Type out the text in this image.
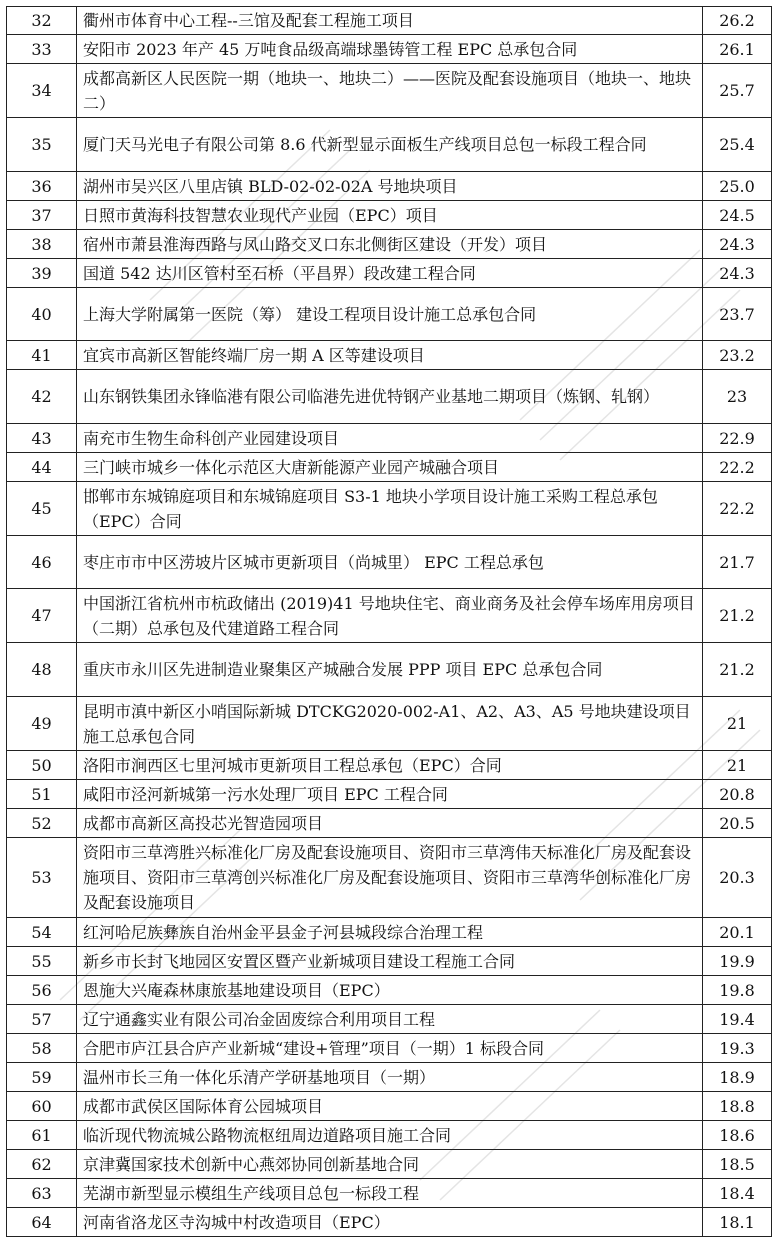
32	衢州市体育中心工程--三馆及配套工程施工项目	26.2
33	安阳市 2023 年产 45 万吨食品级高端球墨铸管工程 EPC 总承包合同	26.1
34	成都高新区人民医院一期（地块一、地块二）——医院及配套设施项目（地块一、地块二）	25.7
35	厦门天马光电子有限公司第 8.6 代新型显示面板生产线项目总包一标段工程合同	25.4
36	湖州市吴兴区八里店镇 BLD-02-02-02A 号地块项目	25.0
37	日照市黄海科技智慧农业现代产业园（EPC）项目	24.5
38	宿州市萧县淮海西路与凤山路交叉口东北侧街区建设（开发）项目	24.3
39	国道 542 达川区管村至石桥（平昌界）段改建工程合同	24.3
40	上海大学附属第一医院（筹） 建设工程项目设计施工总承包合同	23.7
41	宜宾市高新区智能终端厂房一期 A 区等建设项目	23.2
42	山东钢铁集团永锋临港有限公司临港先进优特钢产业基地二期项目（炼钢、轧钢）	23
43	南充市生物生命科创产业园建设项目	22.9
44	三门峡市城乡一体化示范区大唐新能源产业园产城融合项目	22.2
45	邯郸市东城锦庭项目和东城锦庭项目 S3-1 地块小学项目设计施工采购工程总承包（EPC）合同	22.2
46	枣庄市市中区涝坡片区城市更新项目（尚城里） EPC 工程总承包	21.7
47	中国浙江省杭州市杭政储出 (2019)41 号地块住宅、商业商务及社会停车场库用房项目（二期）总承包及代建道路工程合同	21.2
48	重庆市永川区先进制造业聚集区产城融合发展 PPP 项目 EPC 总承包合同	21.2
49	昆明市滇中新区小哨国际新城 DTCKG2020-002-A1、A2、A3、A5 号地块建设项目施工总承包合同	21
50	洛阳市涧西区七里河城市更新项目工程总承包（EPC）合同	21
51	咸阳市泾河新城第一污水处理厂项目 EPC 工程合同	20.8
52	成都市高新区高投芯光智造园项目	20.5
53	资阳市三草湾胜兴标准化厂房及配套设施项目、资阳市三草湾伟天标准化厂房及配套设施项目、资阳市三草湾创兴标准化厂房及配套设施项目、资阳市三草湾华创标准化厂房及配套设施项目	20.3
54	红河哈尼族彝族自治州金平县金子河县城段综合治理工程	20.1
55	新乡市长封飞地园区安置区暨产业新城项目建设工程施工合同	19.9
56	恩施大兴庵森林康旅基地建设项目（EPC）	19.8
57	辽宁通鑫实业有限公司冶金固废综合利用项目工程	19.4
58	合肥市庐江县合庐产业新城“建设+管理”项目（一期）1 标段合同	19.3
59	温州市长三角一体化乐清产学研基地项目（一期）	18.9
60	成都市武侯区国际体育公园城项目	18.8
61	临沂现代物流城公路物流枢纽周边道路项目施工合同	18.6
62	京津冀国家技术创新中心燕郊协同创新基地合同	18.5
63	芜湖市新型显示模组生产线项目总包一标段工程	18.4
64	河南省洛龙区寺沟城中村改造项目（EPC）	18.1
